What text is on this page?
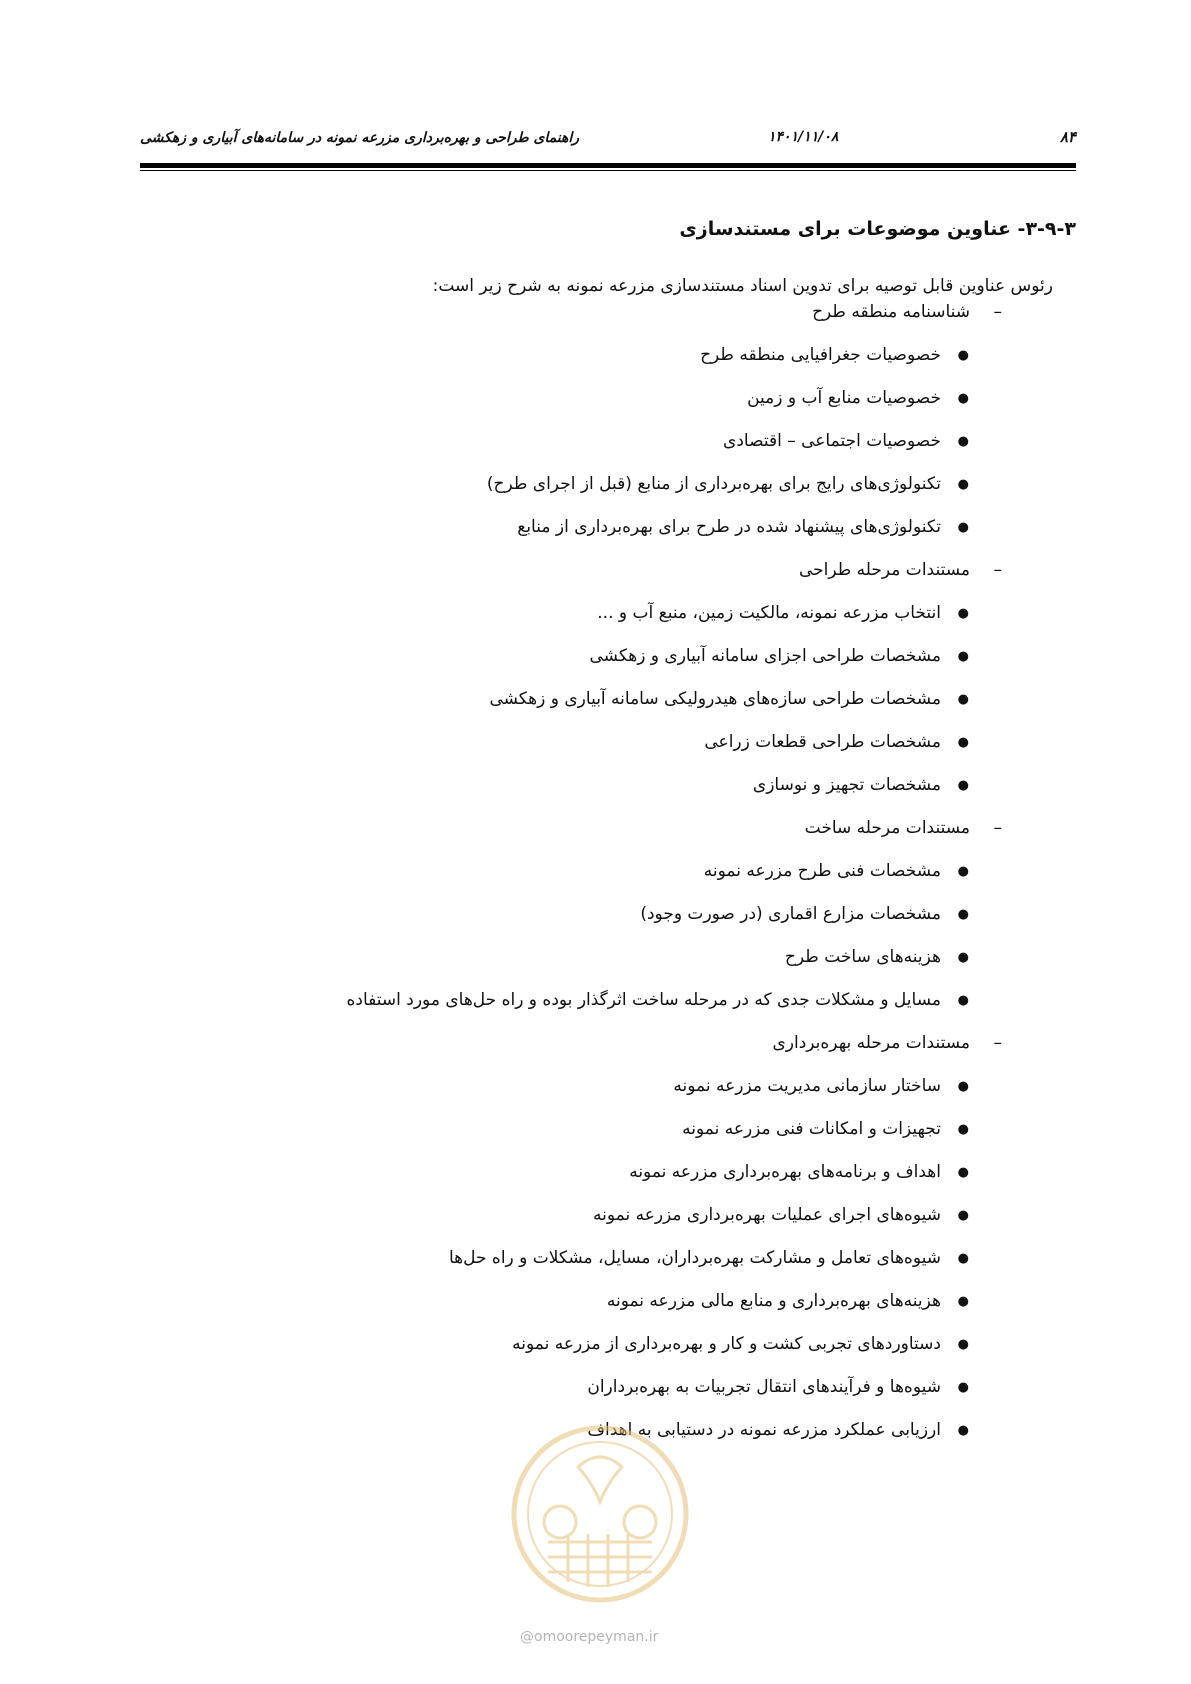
۸۴
۱۴۰۱/۱۱/۰۸
راهنمای طراحی و بهره‌برداری مزرعه نمونه در سامانه‌های آبیاری و زهکشی
۳-۹-۳- عناوین موضوعات برای مستندسازی
رئوس عناوین قابل توصیه برای تدوین اسناد مستندسازی مزرعه نمونه به شرح زیر است:
–شناسنامه منطقه طرح
●خصوصیات جغرافیایی منطقه طرح
●خصوصیات منابع آب و زمین
●خصوصیات اجتماعی – اقتصادی
●تکنولوژی‌های رایج برای بهره‌برداری از منابع (قبل از اجرای طرح)
●تکنولوژی‌های پیشنهاد شده در طرح برای بهره‌برداری از منابع
–مستندات مرحله طراحی
●انتخاب مزرعه نمونه، مالکیت زمین، منبع آب و ...
●مشخصات طراحی اجزای سامانه آبیاری و زهکشی
●مشخصات طراحی سازه‌های هیدرولیکی سامانه آبیاری و زهکشی
●مشخصات طراحی قطعات زراعی
●مشخصات تجهیز و نوسازی
–مستندات مرحله ساخت
●مشخصات فنی طرح مزرعه نمونه
●مشخصات مزارع اقماری (در صورت وجود)
●هزینه‌های ساخت طرح
●مسایل و مشکلات جدی که در مرحله ساخت اثرگذار بوده و راه حل‌های مورد استفاده
–مستندات مرحله بهره‌برداری
●ساختار سازمانی مدیریت مزرعه نمونه
●تجهیزات و امکانات فنی مزرعه نمونه
●اهداف و برنامه‌های بهره‌برداری مزرعه نمونه
●شیوه‌های اجرای عملیات بهره‌برداری مزرعه نمونه
●شیوه‌های تعامل و مشارکت بهره‌برداران، مسایل، مشکلات و راه حل‌ها
●هزینه‌های بهره‌برداری و منابع مالی مزرعه نمونه
●دستاوردهای تجربی کشت و کار و بهره‌برداری از مزرعه نمونه
●شیوه‌ها و فرآیندهای انتقال تجربیات به بهره‌برداران
●ارزیابی عملکرد مزرعه نمونه در دستیابی به اهداف
@omoorepeyman.ir
